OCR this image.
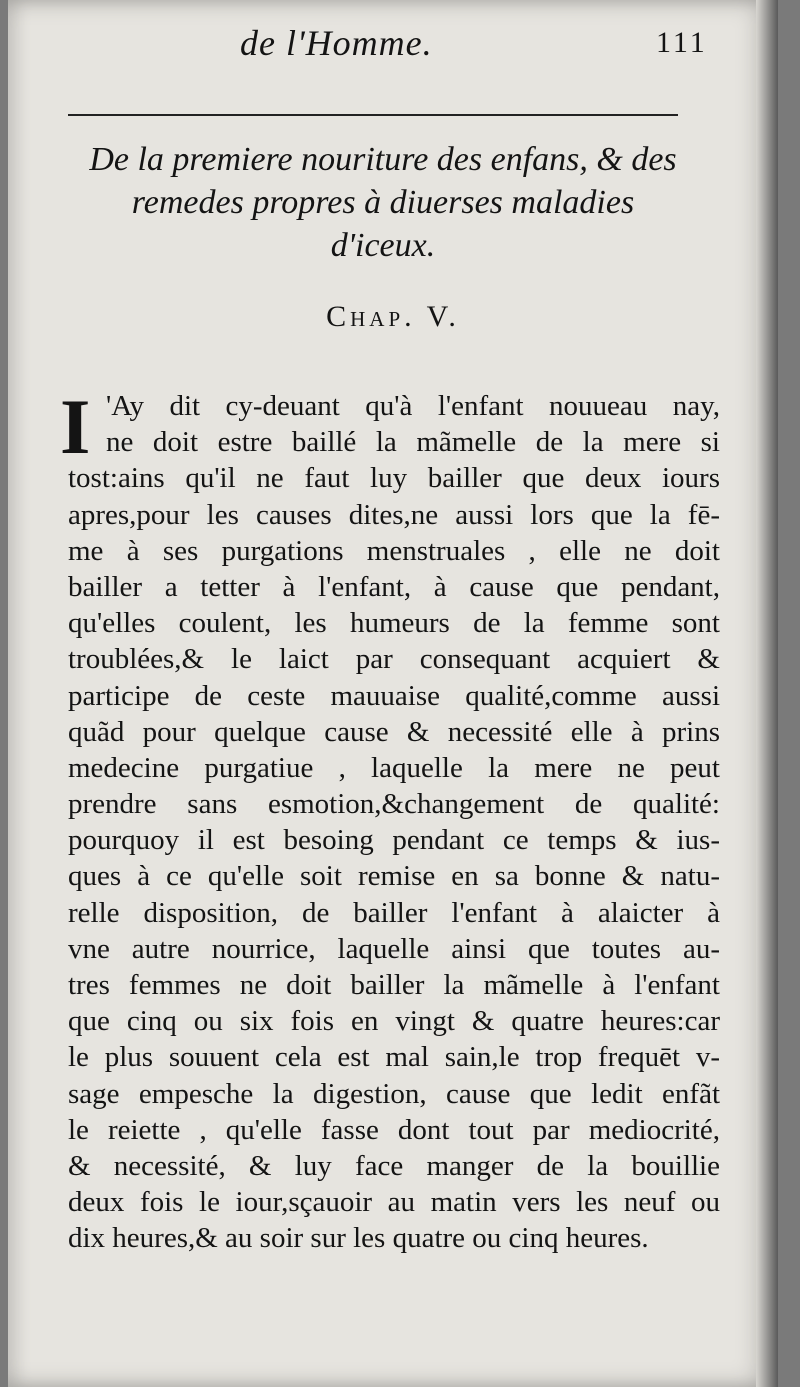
de l'Homme.	111
De la premiere nouriture des enfans, & des
remedes propres à diuerses maladies
d'iceux.
Chap. V.
I 'Ay dit cy-deuant qu'à l'enfant nouueau nay,
ne doit estre baillé la mãmelle de la mere si
tost:ains qu'il ne faut luy bailler que deux iours
apres,pour les causes dites,ne aussi lors que la fē-
me à ses purgations menstruales , elle ne doit
bailler a tetter à l'enfant, à cause que pendant,
qu'elles coulent, les humeurs de la femme sont
troublées,& le laict par consequant acquiert &
participe de ceste mauuaise qualité,comme aussi
quãd pour quelque cause & necessité elle à prins
medecine purgatiue , laquelle la mere ne peut
prendre sans esmotion,&changement de qualité:
pourquoy il est besoing pendant ce temps & ius-
ques à ce qu'elle soit remise en sa bonne & natu-
relle disposition, de bailler l'enfant à alaicter à
vne autre nourrice, laquelle ainsi que toutes au-
tres femmes ne doit bailler la mãmelle à l'enfant
que cinq ou six fois en vingt & quatre heures:car
le plus souuent cela est mal sain,le trop frequēt v-
sage empesche la digestion, cause que ledit enfãt
le reiette , qu'elle fasse dont tout par mediocrité,
& necessité, & luy face manger de la bouillie
deux fois le iour,sçauoir au matin vers les neuf ou
dix heures,& au soir sur les quatre ou cinq heures.
